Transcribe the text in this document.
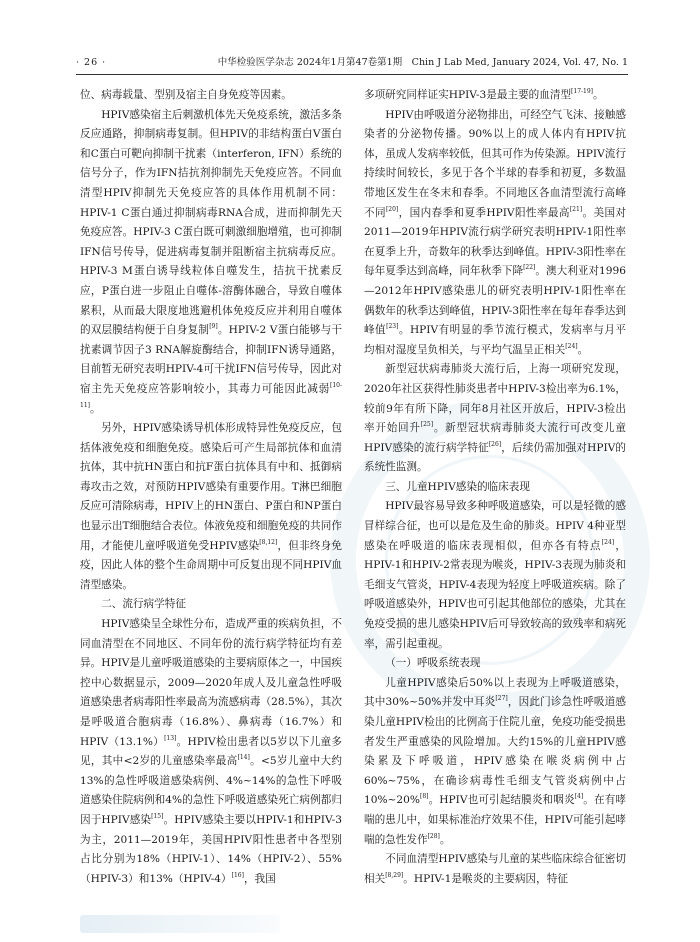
· 26 ·	中华检验医学杂志 2024年1月第47卷第1期　Chin J Lab Med, January 2024, Vol. 47, No. 1

位、病毒载量、型别及宿主自身免疫等因素。

HPIV感染宿主后刺激机体先天免疫系统，激活多条反应通路，抑制病毒复制。但HPIV的非结构蛋白V蛋白和C蛋白可靶向抑制干扰素（interferon, IFN）系统的信号分子，作为IFN拮抗剂抑制先天免疫应答。不同血清型HPIV抑制先天免疫应答的具体作用机制不同：HPIV-1 C蛋白通过抑制病毒RNA合成，进而抑制先天免疫应答。HPIV-3 C蛋白既可刺激细胞增殖，也可抑制IFN信号传导，促进病毒复制并阻断宿主抗病毒反应。HPIV-3 M蛋白诱导线粒体自噬发生，拮抗干扰素反应，P蛋白进一步阻止自噬体-溶酶体融合，导致自噬体累积，从而最大限度地逃避机体免疫反应并利用自噬体的双层膜结构便于自身复制[9]。HPIV-2 V蛋白能够与干扰素调节因子3 RNA解旋酶结合，抑制IFN诱导通路，目前暂无研究表明HPIV-4可干扰IFN信号传导，因此对宿主先天免疫应答影响较小，其毒力可能因此减弱[10-11]。

另外，HPIV感染诱导机体形成特异性免疫反应，包括体液免疫和细胞免疫。感染后可产生局部抗体和血清抗体，其中抗HN蛋白和抗F蛋白抗体具有中和、抵御病毒攻击之效，对预防HPIV感染有重要作用。T淋巴细胞反应可清除病毒，HPIV上的HN蛋白、P蛋白和NP蛋白也显示出T细胞结合表位。体液免疫和细胞免疫的共同作用，才能使儿童呼吸道免受HPIV感染[8,12]，但非终身免疫，因此人体的整个生命周期中可反复出现不同HPIV血清型感染。

二、流行病学特征

HPIV感染呈全球性分布，造成严重的疾病负担，不同血清型在不同地区、不同年份的流行病学特征均有差异。HPIV是儿童呼吸道感染的主要病原体之一，中国疾控中心数据显示，2009—2020年成人及儿童急性呼吸道感染患者病毒阳性率最高为流感病毒（28.5%），其次是呼吸道合胞病毒（16.8%）、鼻病毒（16.7%）和HPIV（13.1%）[13]。HPIV检出患者以5岁以下儿童多见，其中<2岁的儿童感染率最高[14]。<5岁儿童中大约13%的急性呼吸道感染病例、4%~14%的急性下呼吸道感染住院病例和4%的急性下呼吸道感染死亡病例都归因于HPIV感染[15]。HPIV感染主要以HPIV-1和HPIV-3为主，2011—2019年，美国HPIV阳性患者中各型别占比分别为18%（HPIV-1）、14%（HPIV-2）、55%（HPIV-3）和13%（HPIV-4）[16]，我国

多项研究同样证实HPIV-3是最主要的血清型[17-19]。

HPIV由呼吸道分泌物排出，可经空气飞沫、接触感染者的分泌物传播。90%以上的成人体内有HPIV抗体，虽成人发病率较低，但其可作为传染源。HPIV流行持续时间较长，多见于各个半球的春季和初夏，多数温带地区发生在冬末和春季。不同地区各血清型流行高峰不同[20]，国内春季和夏季HPIV阳性率最高[21]。美国对2011—2019年HPIV流行病学研究表明HPIV-1阳性率在夏季上升，奇数年的秋季达到峰值。HPIV-3阳性率在每年夏季达到高峰，同年秋季下降[22]。澳大利亚对1996—2012年HPIV感染患儿的研究表明HPIV-1阳性率在偶数年的秋季达到峰值，HPIV-3阳性率在每年春季达到峰值[23]。HPIV有明显的季节流行模式，发病率与月平均相对湿度呈负相关，与平均气温呈正相关[24]。

新型冠状病毒肺炎大流行后，上海一项研究发现，2020年社区获得性肺炎患者中HPIV-3检出率为6.1%，较前9年有所下降，同年8月社区开放后，HPIV-3检出率开始回升[25]。新型冠状病毒肺炎大流行可改变儿童HPIV感染的流行病学特征[26]，后续仍需加强对HPIV的系统性监测。

三、儿童HPIV感染的临床表现

HPIV最容易导致多种呼吸道感染，可以是轻微的感冒样综合征，也可以是危及生命的肺炎。HPIV 4种亚型感染在呼吸道的临床表现相似，但亦各有特点[24]，HPIV-1和HPIV-2常表现为喉炎，HPIV-3表现为肺炎和毛细支气管炎，HPIV-4表现为轻度上呼吸道疾病。除了呼吸道感染外，HPIV也可引起其他部位的感染，尤其在免疫受损的患儿感染HPIV后可导致较高的致残率和病死率，需引起重视。

（一）呼吸系统表现

儿童HPIV感染后50%以上表现为上呼吸道感染，其中30%~50%并发中耳炎[27]，因此门诊急性呼吸道感染儿童HPIV检出的比例高于住院儿童，免疫功能受损患者发生严重感染的风险增加。大约15%的儿童HPIV感染累及下呼吸道，HPIV感染在喉炎病例中占60%~75%，在确诊病毒性毛细支气管炎病例中占10%~20%[8]。HPIV也可引起结膜炎和咽炎[4]。在有哮喘的患儿中，如果标准治疗效果不佳，HPIV可能引起哮喘的急性发作[28]。

不同血清型HPIV感染与儿童的某些临床综合征密切相关[8,29]。HPIV-1是喉炎的主要病因，特征
